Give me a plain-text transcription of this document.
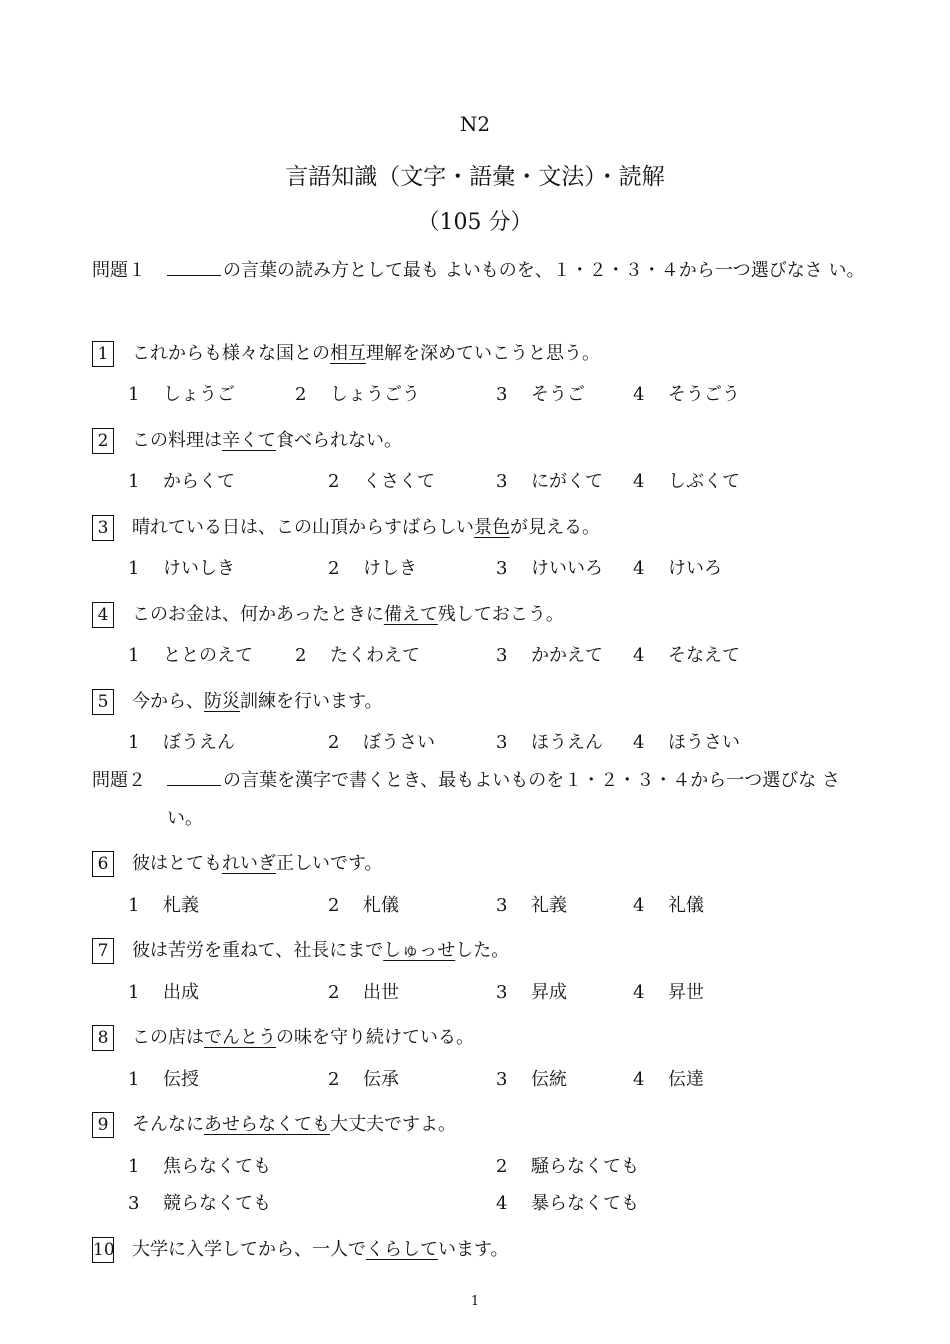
N2
言語知識（文字・語彙・文法）・読解
（105 分）
問題１	の言葉の読み方として最も よいものを、１・２・３・４から一つ選びなさ い。
1	これからも様々な国との相互理解を深めていこうと思う。
1 しょうご	2 しょうごう	3 そうご	4 そうごう
2	この料理は辛くて食べられない。
1 からくて	2 くさくて	3 にがくて 4 しぶくて
3	晴れている日は、この山頂からすばらしい景色が見える。
1 けいしき	2 けしき	3 けいいろ 4 けいろ
4	このお金は、何かあったときに備えて残しておこう。
1 ととのえて 2 たくわえて	3 かかえて 4 そなえて
5	今から、防災訓練を行います。
1 ぼうえん	2 ぼうさい	3 ほうえん 4 ほうさい
問題２	の言葉を漢字で書くとき、最もよいものを１・２・３・４から一つ選びな さい。
6	彼はとてもれいぎ正しいです。
1 札義	2 札儀	3 礼義	4 礼儀
7	彼は苦労を重ねて、社長にまでしゅっせした。
1 出成	2 出世	3 昇成	4 昇世
8	この店はでんとうの味を守り続けている。
1 伝授	2 伝承	3 伝統	4 伝達
9	そんなにあせらなくても大丈夫ですよ。
1 焦らなくても	2 騒らなくても
3 競らなくても	4 暴らなくても
10 大学に入学してから、一人でくらしています。
1
